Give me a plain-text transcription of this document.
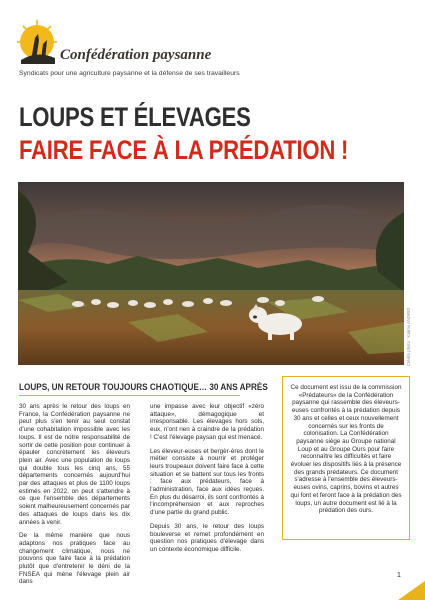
Confédération paysanne
Syndicats pour une agriculture paysanne et la défense de ses travailleurs
LOUPS ET ÉLEVAGES
FAIRE FACE À LA PRÉDATION !
Crédits photo : Kalimo ANDRIO
LOUPS, UN RETOUR TOUJOURS CHAOTIQUE… 30 ANS APRÈS

30 ans après le retour des loups en France, la Confédération paysanne ne peut plus s'en tenir au seul constat d'une cohabitation impossible avec les loups. Il est de notre responsabilité de sortir de cette position pour continuer à épauler concrètement les éleveurs plein air. Avec une population de loups qui double tous les cinq ans, 55 départements concernés aujourd'hui par des attaques et plus de 1100 loups estimés en 2022, on peut s'attendre à ce que l'ensemble des départements soient malheureusement concernés par des attaques de loups dans les dix années à venir.

De la même manière que nous adaptons nos pratiques face au changement climatique, nous ne pouvons que faire face à la prédation plutôt que d'entretenir le déni de la FNSEA qui mène l'élevage plein air dans

une impasse avec leur objectif «zéro attaque», démagogique et irresponsable. Les élevages hors sols, eux, n'ont rien à craindre de la prédation ! C'est l'élevage paysan qui est menacé.

Les éleveur-euses et bergèr-ères dont le métier consiste à nourrir et protéger leurs troupeaux doivent faire face à cette situation et se battent sur tous les fronts : face aux prédateurs, face à l'administration, face aux idées reçues. En plus du désarroi, ils sont confrontés à l'incompréhension et aux reproches d'une partie du grand public.

Depuis 30 ans, le retour des loups bouleverse et remet profondément en question nos pratiques d'élevage dans un contexte économique difficile.

Ce document est issu de la commission «Prédateurs» de la Confédération paysanne qui rassemble des éleveurs-euses confrontés à la prédation depuis 30 ans et celles et ceux nouvellement concernés sur les fronts de colonisation. La Confédération paysanne siège au Groupe national Loup et au Groupe Ours pour faire reconnaître les difficultés et faire évoluer les dispositifs liés à la présence des grands prédateurs. Ce document s'adresse à l'ensemble des éleveurs-euses ovins, caprins, bovins et autres qui font et feront face à la prédation des loups, un autre document est lié à la prédation des ours.
1
